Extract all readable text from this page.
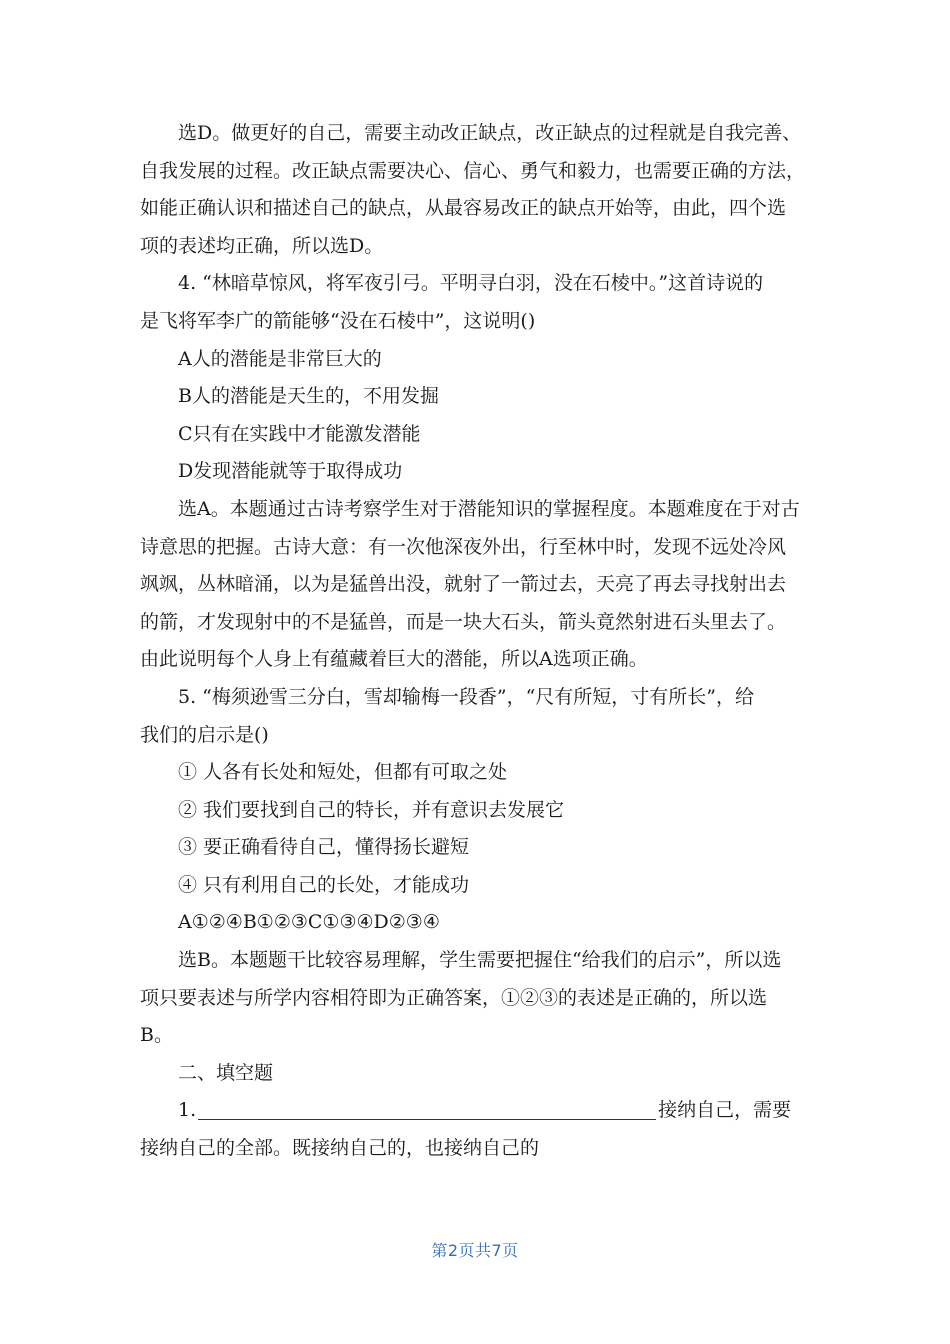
选D。做更好的自己，需要主动改正缺点，改正缺点的过程就是自我完善、

自我发展的过程。改正缺点需要决心、信心、勇气和毅力，也需要正确的方法，

如能正确认识和描述自己的缺点，从最容易改正的缺点开始等，由此，四个选

项的表述均正确，所以选D。

4. “林暗草惊风，将军夜引弓。平明寻白羽，没在石棱中。”这首诗说的

是飞将军李广的箭能够“没在石棱中”，这说明()

A人的潜能是非常巨大的

B人的潜能是天生的，不用发掘

C只有在实践中才能激发潜能

D发现潜能就等于取得成功

选A。本题通过古诗考察学生对于潜能知识的掌握程度。本题难度在于对古

诗意思的把握。古诗大意：有一次他深夜外出，行至林中时，发现不远处冷风

飒飒，丛林暗涌，以为是猛兽出没，就射了一箭过去，天亮了再去寻找射出去

的箭，才发现射中的不是猛兽，而是一块大石头，箭头竟然射进石头里去了。

由此说明每个人身上有蕴藏着巨大的潜能，所以A选项正确。

5. “梅须逊雪三分白，雪却输梅一段香”，“尺有所短，寸有所长”，给

我们的启示是()

① 人各有长处和短处，但都有可取之处

② 我们要找到自己的特长，并有意识去发展它

③ 要正确看待自己，懂得扬长避短

④ 只有利用自己的长处，才能成功

A①②④B①②③C①③④D②③④

选B。本题题干比较容易理解，学生需要把握住“给我们的启示”，所以选

项只要表述与所学内容相符即为正确答案，①②③的表述是正确的，所以选

B。

二、填空题

1.	接纳自己，需要

接纳自己的全部。既接纳自己的，也接纳自己的

第2页共7页
